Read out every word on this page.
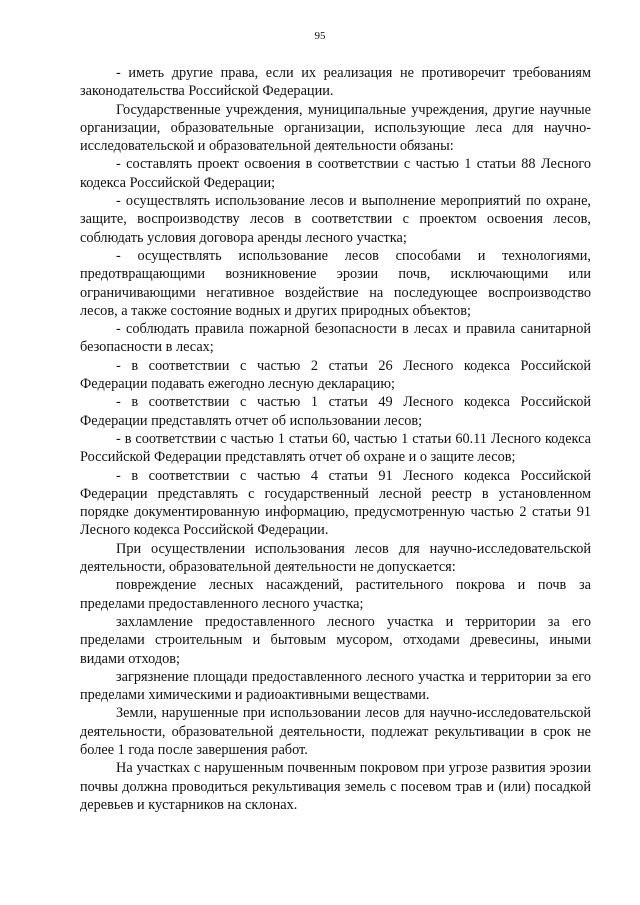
95

- иметь другие права, если их реализация не противоречит требованиям законодательства Российской Федерации.

Государственные учреждения, муниципальные учреждения, другие научные организации, образовательные организации, использующие леса для научно-исследовательской и образовательной деятельности обязаны:

- составлять проект освоения в соответствии с частью 1 статьи 88 Лесного кодекса Российской Федерации;

- осуществлять использование лесов и выполнение мероприятий по охране, защите, воспроизводству лесов в соответствии с проектом освоения лесов, соблюдать условия договора аренды лесного участка;

- осуществлять использование лесов способами и технологиями, предотвращающими возникновение эрозии почв, исключающими или ограничивающими негативное воздействие на последующее воспроизводство лесов, а также состояние водных и других природных объектов;

- соблюдать правила пожарной безопасности в лесах и правила санитарной безопасности в лесах;

- в соответствии с частью 2 статьи 26 Лесного кодекса Российской Федерации подавать ежегодно лесную декларацию;

- в соответствии с частью 1 статьи 49 Лесного кодекса Российской Федерации представлять отчет об использовании лесов;

- в соответствии с частью 1 статьи 60, частью 1 статьи 60.11 Лесного кодекса Российской Федерации представлять отчет об охране и о защите лесов;

- в соответствии с частью 4 статьи 91 Лесного кодекса Российской Федерации представлять с государственный лесной реестр в установленном порядке документированную информацию, предусмотренную частью 2 статьи 91 Лесного кодекса Российской Федерации.

При осуществлении использования лесов для научно-исследовательской деятельности, образовательной деятельности не допускается:

повреждение лесных насаждений, растительного покрова и почв за пределами предоставленного лесного участка;

захламление предоставленного лесного участка и территории за его пределами строительным и бытовым мусором, отходами древесины, иными видами отходов;

загрязнение площади предоставленного лесного участка и территории за его пределами химическими и радиоактивными веществами.

Земли, нарушенные при использовании лесов для научно-исследовательской деятельности, образовательной деятельности, подлежат рекультивации в срок не более 1 года после завершения работ.

На участках с нарушенным почвенным покровом при угрозе развития эрозии почвы должна проводиться рекультивация земель с посевом трав и (или) посадкой деревьев и кустарников на склонах.
